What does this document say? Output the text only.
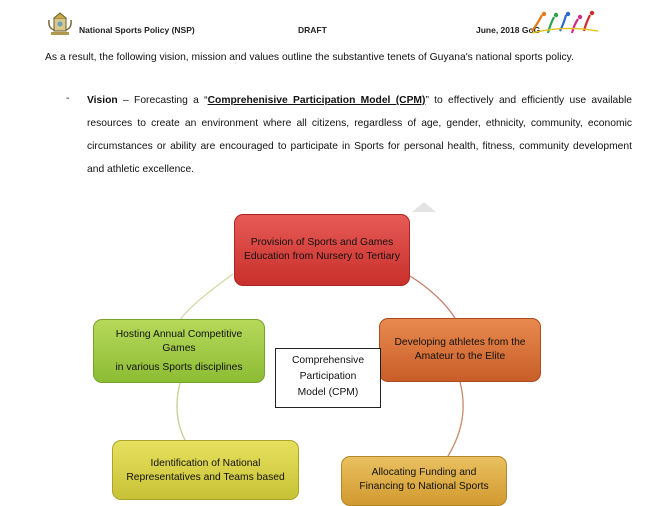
National Sports Policy (NSP)	DRAFT	June, 2018 GoG
As a result, the following vision, mission and values outline the substantive tenets of Guyana's national sports policy.
- Vision – Forecasting a “Comprehenisive Participation Model (CPM)” to effectively and efficiently use available resources to create an environment where all citizens, regardless of age, gender, ethnicity, community, economic circumstances or ability are encouraged to participate in Sports for personal health, fitness, community development and athletic excellence.
Provision of Sports and Games Education from Nursery to Tertiary
Hosting Annual Competitive Games
in various Sports disciplines
Developing athletes from the Amateur to the Elite
Identification of National Representatives and Teams based	Allocating Funding and Financing to National Sports
Comprehensive
Participation
Model (CPM)
